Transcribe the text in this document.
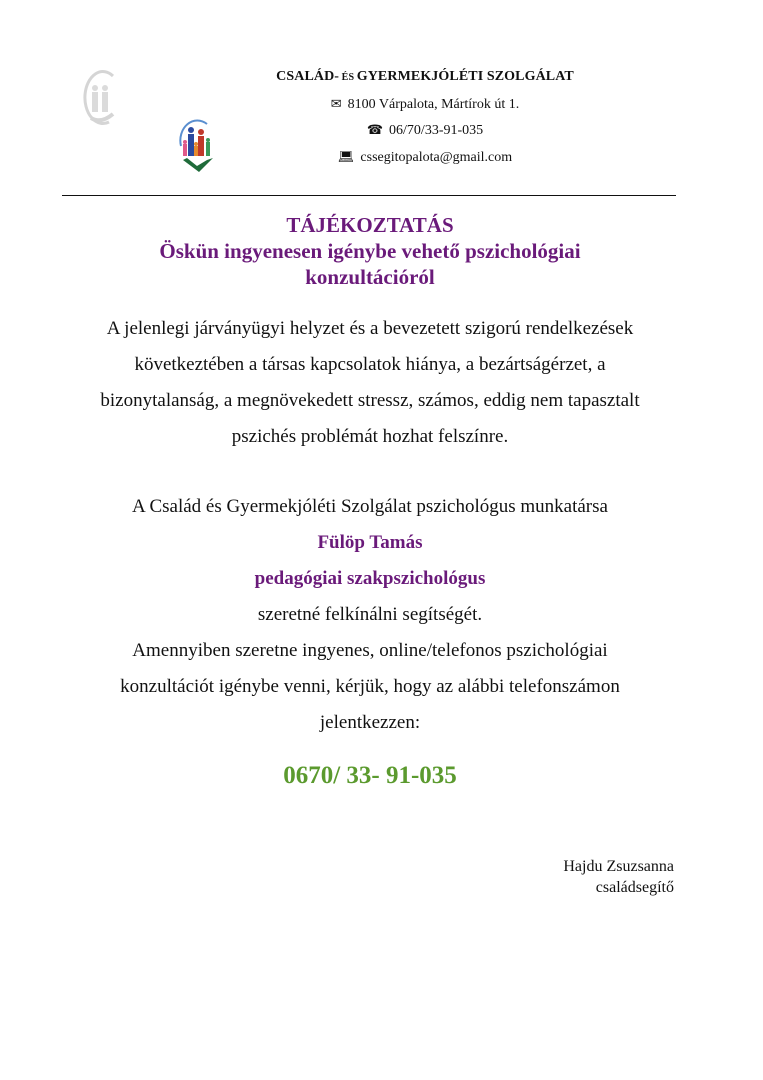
CSALÁD- ÉS GYERMEKJÓLÉTI SZOLGÁLAT
✉ 8100 Várpalota, Mártírok út 1.
☎ 06/70/33-91-035
💻︎ cssegitopalota@gmail.com
TÁJÉKOZTATÁS
Öskün ingyenesen igénybe vehető pszichológiai
konzultációról
A jelenlegi járványügyi helyzet és a bevezetett szigorú rendelkezések
következtében a társas kapcsolatok hiánya, a bezártságérzet, a
bizonytalanság, a megnövekedett stressz, számos, eddig nem tapasztalt
pszichés problémát hozhat felszínre.
A Család és Gyermekjóléti Szolgálat pszichológus munkatársa
Fülöp Tamás
pedagógiai szakpszichológus
szeretné felkínálni segítségét.
Amennyiben szeretne ingyenes, online/telefonos pszichológiai
konzultációt igénybe venni, kérjük, hogy az alábbi telefonszámon
jelentkezzen:
0670/ 33- 91-035
Hajdu Zsuzsanna
családsegítő
